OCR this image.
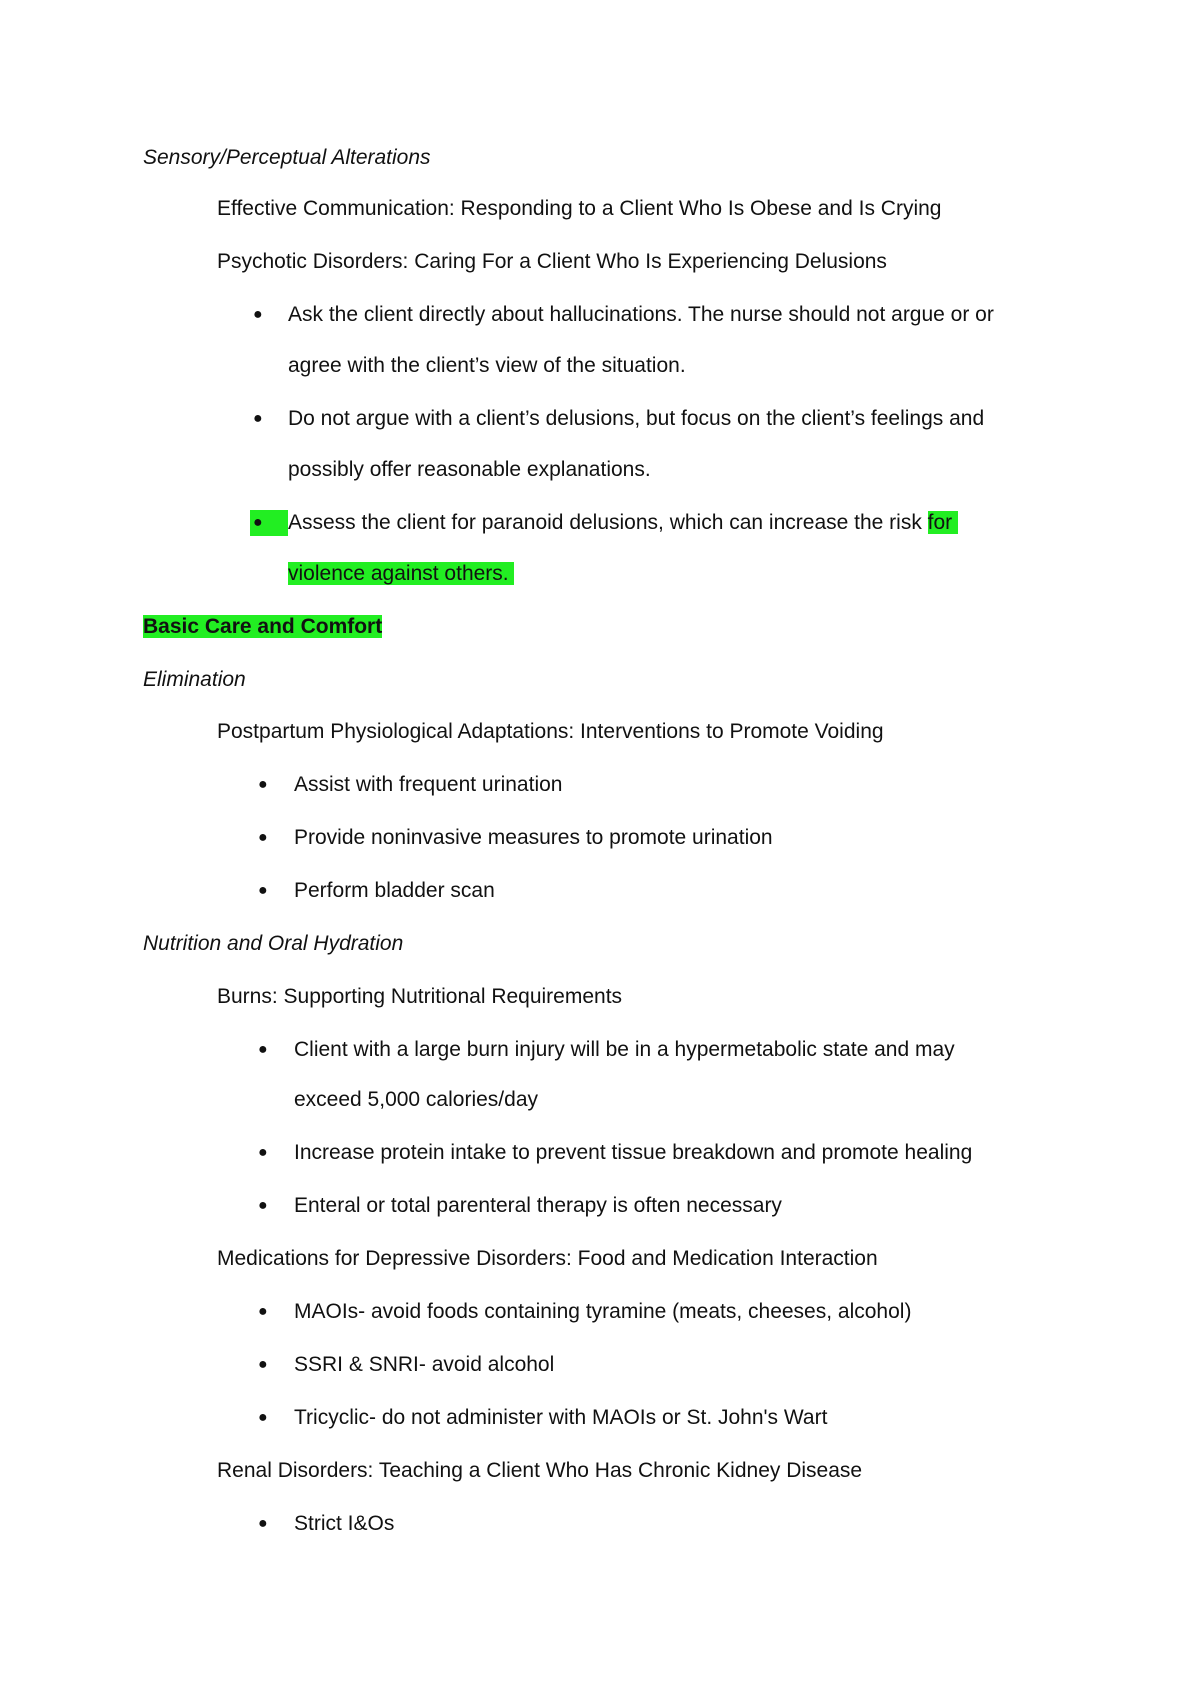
Sensory/Perceptual Alterations
Effective Communication: Responding to a Client Who Is Obese and Is Crying
Psychotic Disorders: Caring For a Client Who Is Experiencing Delusions
● Ask the client directly about hallucinations. The nurse should not argue or or
agree with the client’s view of the situation.
● Do not argue with a client’s delusions, but focus on the client’s feelings and
possibly offer reasonable explanations.
●	Assess the client for paranoid delusions, which can increase the risk for
violence against others.
Basic Care and Comfort
Elimination
Postpartum Physiological Adaptations: Interventions to Promote Voiding
● Assist with frequent urination
● Provide noninvasive measures to promote urination
● Perform bladder scan
Nutrition and Oral Hydration
Burns: Supporting Nutritional Requirements
● Client with a large burn injury will be in a hypermetabolic state and may
exceed 5,000 calories/day
● Increase protein intake to prevent tissue breakdown and promote healing
● Enteral or total parenteral therapy is often necessary
Medications for Depressive Disorders: Food and Medication Interaction
● MAOIs- avoid foods containing tyramine (meats, cheeses, alcohol)
● SSRI & SNRI- avoid alcohol
● Tricyclic- do not administer with MAOIs or St. John's Wart
Renal Disorders: Teaching a Client Who Has Chronic Kidney Disease
● Strict I&Os
